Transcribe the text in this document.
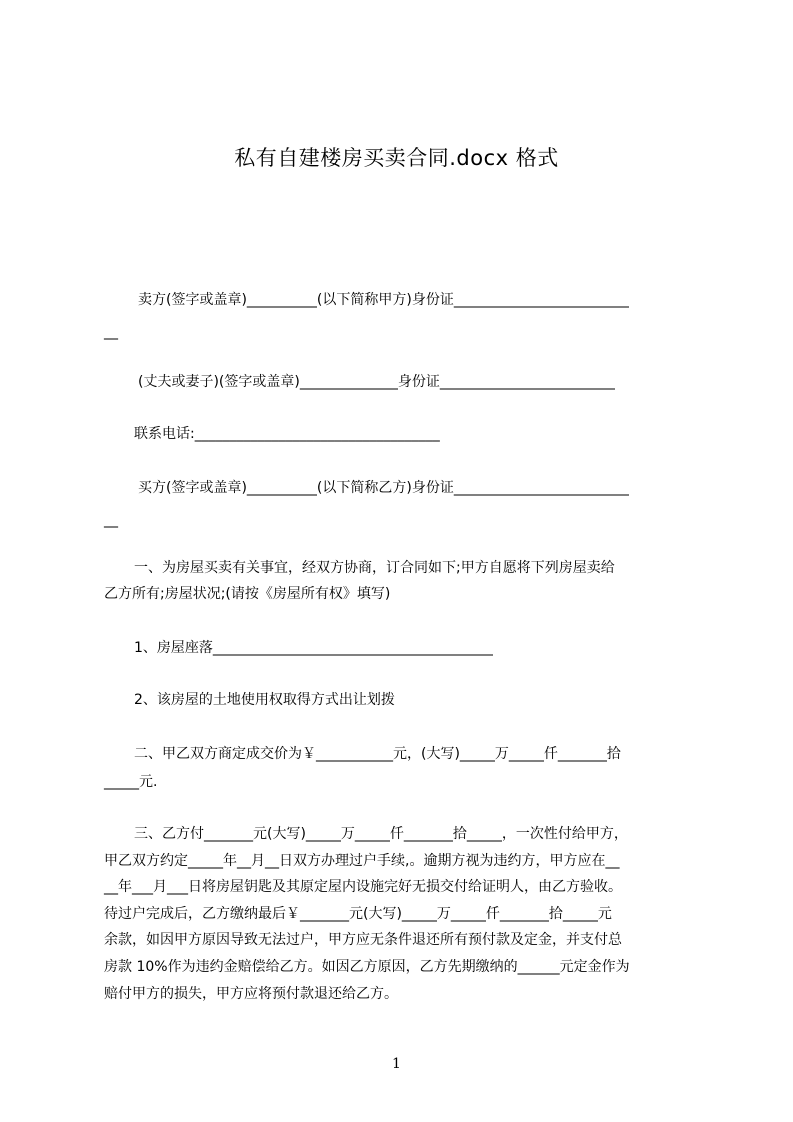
私有自建楼房买卖合同.docx 格式
卖方(签字或盖章)__________(以下简称甲方)身份证_________________________
__
(丈夫或妻子)(签字或盖章)______________身份证_________________________
联系电话:___________________________________
买方(签字或盖章)__________(以下简称乙方)身份证_________________________
__
一、为房屋买卖有关事宜，经双方协商，订合同如下;甲方自愿将下列房屋卖给
乙方所有;房屋状况;(请按《房屋所有权》填写)
1、房屋座落________________________________________
2、该房屋的土地使用权取得方式出让划拨
二、甲乙双方商定成交价为￥___________元，(大写)_____万_____仟_______拾
_____元.
三、乙方付_______元(大写)_____万_____仟_______拾_____，一次性付给甲方，
甲乙双方约定_____年__月__日双方办理过户手续,。逾期方视为违约方，甲方应在__
__年___月___日将房屋钥匙及其原定屋内设施完好无损交付给证明人，由乙方验收。
待过户完成后，乙方缴纳最后￥_______元(大写)_____万_____仟_______拾_____元
余款，如因甲方原因导致无法过户，甲方应无条件退还所有预付款及定金，并支付总
房款 10%作为违约金赔偿给乙方。如因乙方原因，乙方先期缴纳的______元定金作为
赔付甲方的损失，甲方应将预付款退还给乙方。
1
